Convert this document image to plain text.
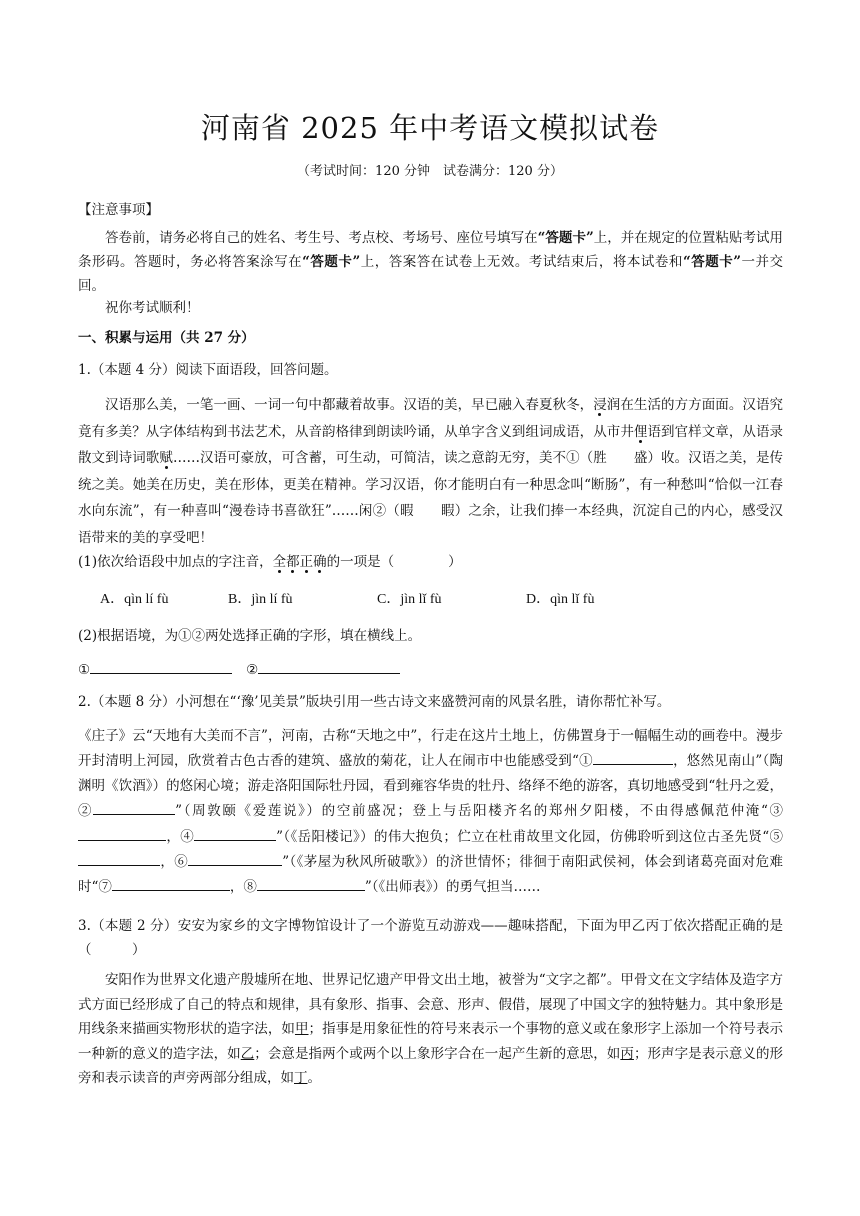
河南省 2025 年中考语文模拟试卷
（考试时间：120 分钟　试卷满分：120 分）
【注意事项】
答卷前，请务必将自己的姓名、考生号、考点校、考场号、座位号填写在“答题卡”上，并在规定的位置粘贴考试用条形码。答题时，务必将答案涂写在“答题卡”上，答案答在试卷上无效。考试结束后，将本试卷和“答题卡”一并交回。
祝你考试顺利！
一、积累与运用（共 27 分）
1.（本题 4 分）阅读下面语段，回答问题。
汉语那么美，一笔一画、一词一句中都藏着故事。汉语的美，早已融入春夏秋冬，浸润在生活的方方面面。汉语究竟有多美？从字体结构到书法艺术，从音韵格律到朗读吟诵，从单字含义到组词成语，从市井俚语到官样文章，从语录散文到诗词歌赋……汉语可豪放，可含蓄，可生动，可简洁，读之意韵无穷，美不①（胜　　盛）收。汉语之美，是传统之美。她美在历史，美在形体，更美在精神。学习汉语，你才能明白有一种思念叫“断肠”，有一种愁叫“恰似一江春水向东流”，有一种喜叫“漫卷诗书喜欲狂”……闲②（暇　　睱）之余，让我们捧一本经典，沉淀自己的内心，感受汉语带来的美的享受吧！
(1)依次给语段中加点的字注音，全都正确的一项是（　　　　）
A．qìn lí fù	B．jìn lí fù	C．jìn lǐ fù	D．qìn lǐ fù
(2)根据语境，为①②两处选择正确的字形，填在横线上。
①	②
2.（本题 8 分）小河想在“‘豫’见美景”版块引用一些古诗文来盛赞河南的风景名胜，请你帮忙补写。
《庄子》云“天地有大美而不言”，河南，古称“天地之中”，行走在这片土地上，仿佛置身于一幅幅生动的画卷中。漫步开封清明上河园，欣赏着古色古香的建筑、盛放的菊花，让人在闹市中也能感受到“①	，悠然见南山”（陶渊明《饮酒》）的悠闲心境；游走洛阳国际牡丹园，看到雍容华贵的牡丹、络绎不绝的游客，真切地感受到“牡丹之爱，②	”（周敦颐《爱莲说》）的空前盛况；登上与岳阳楼齐名的郑州夕阳楼，不由得感佩范仲淹“③，④	”（《岳阳楼记》）的伟大抱负；伫立在杜甫故里文化园，仿佛聆听到这位古圣先贤“⑤，⑥	”（《茅屋为秋风所破歌》）的济世情怀；徘徊于南阳武侯祠，体会到诸葛亮面对危难时“⑦	，⑧	”（《出师表》）的勇气担当……
3.（本题 2 分）安安为家乡的文字博物馆设计了一个游览互动游戏——趣味搭配，下面为甲乙丙丁依次搭配正确的是（　　　）
安阳作为世界文化遗产殷墟所在地、世界记忆遗产甲骨文出土地，被誉为“文字之都”。甲骨文在文字结体及造字方式方面已经形成了自己的特点和规律，具有象形、指事、会意、形声、假借，展现了中国文字的独特魅力。其中象形是用线条来描画实物形状的造字法，如甲；指事是用象征性的符号来表示一个事物的意义或在象形字上添加一个符号表示一种新的意义的造字法，如乙；会意是指两个或两个以上象形字合在一起产生新的意思，如丙；形声字是表示意义的形旁和表示读音的声旁两部分组成，如丁。
